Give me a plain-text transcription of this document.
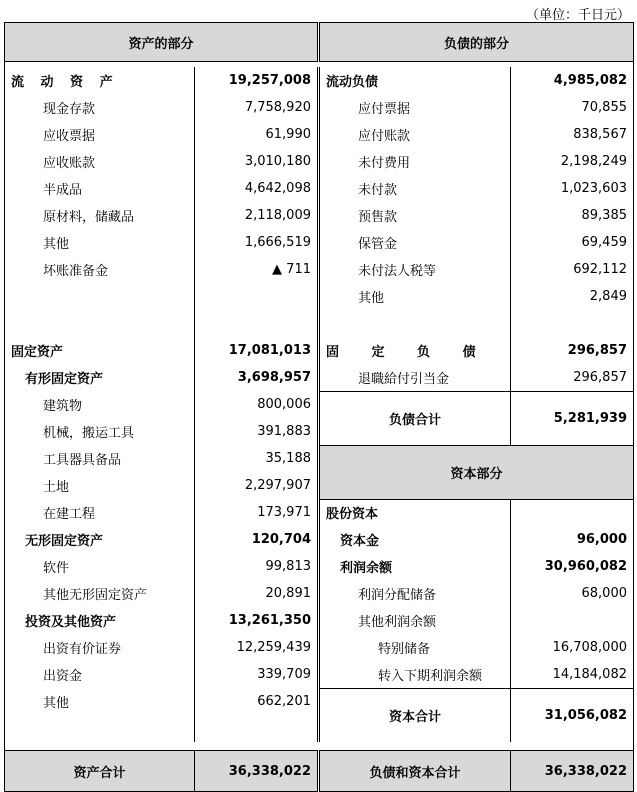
（单位：千日元）
资产的部分		负债的部分	

流 动 资 产	19,257,008	流动负债	4,985,082
现金存款	7,758,920	应付票据	70,855
应收票据	61,990	应付账款	838,567
应收账款	3,010,180	未付费用	2,198,249
半成品	4,642,098	未付款	1,023,603
原材料，储藏品	2,118,009	预售款	89,385
其他	1,666,519	保管金	69,459
坏账准备金	▲ 711	未付法人税等	692,112
		其他	2,849

固定资产	17,081,013	固 定 负 债	296,857
有形固定资产	3,698,957	退職給付引当金	296,857
建筑物	800,006	负债合计	5,281,939
机械，搬运工具	391,883		
工具器具备品	35,188	资本部分	
土地	2,297,907		
在建工程	173,971	股份资本	
无形固定资产	120,704	资本金	96,000
软件	99,813	利润余额	30,960,082
其他无形固定资产	20,891	利润分配储备	68,000
投资及其他资产	13,261,350	其他利润余额	
出资有价证券	12,259,439	特别储备	16,708,000
出资金	339,709	转入下期利润余额	14,184,082
其他	662,201	资本合计	31,056,082

资产合计	36,338,022	负债和资本合计	36,338,022
